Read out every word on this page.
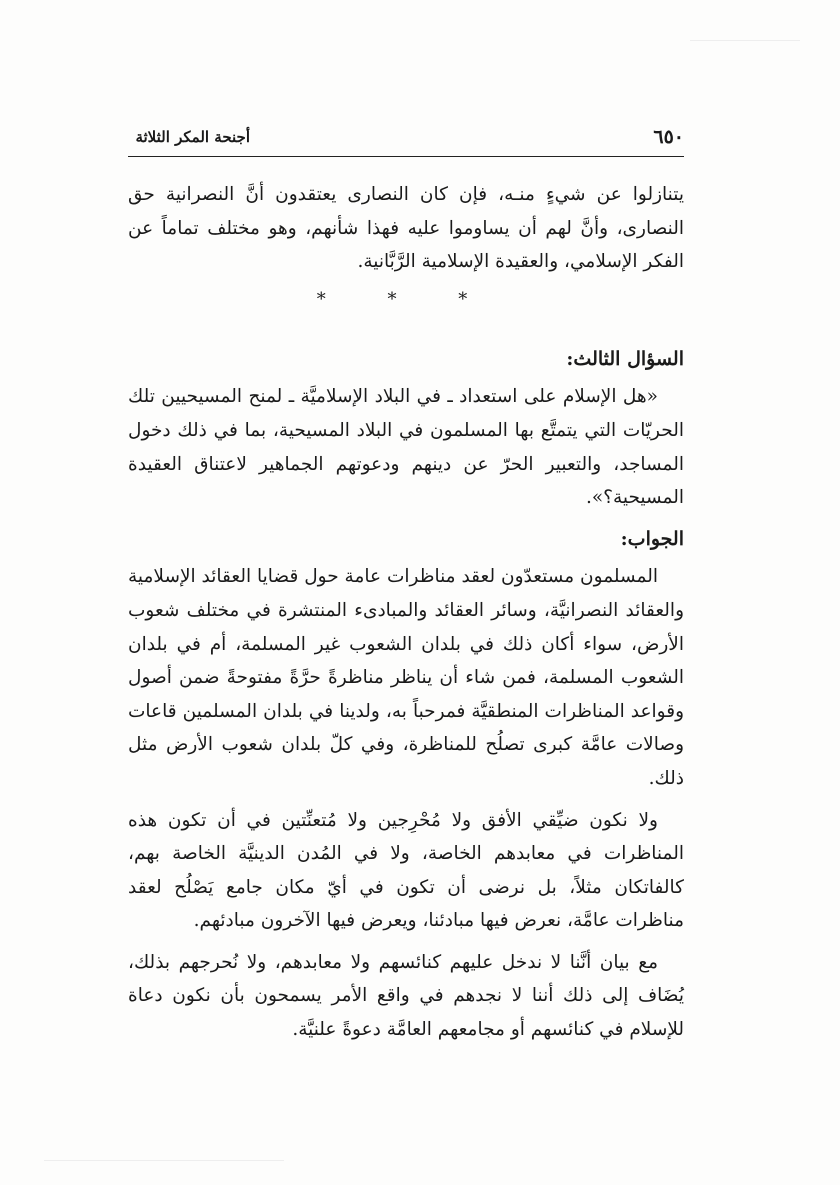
٦٥٠
أجنحة المكر الثلاثة

يتنازلوا عن شيءٍ منـه، فإن كان النصارى يعتقدون أنَّ النصرانية حق النصارى، وأنَّ لهم أن يساوموا عليه فهذا شأنهم، وهو مختلف تماماً عن الفكر الإسلامي، والعقيدة الإسلامية الرَّبَّانية.

* * *

السؤال الثالث:

«هل الإسلام على استعداد ـ في البلاد الإسلاميَّة ـ لمنح المسيحيين تلك الحريّات التي يتمتَّع بها المسلمون في البلاد المسيحية، بما في ذلك دخول المساجد، والتعبير الحرّ عن دينهم ودعوتهم الجماهير لاعتناق العقيدة المسيحية؟».

الجواب:

المسلمون مستعدّون لعقد مناظرات عامة حول قضايا العقائد الإسلامية والعقائد النصرانيَّة، وسائر العقائد والمبادىء المنتشرة في مختلف شعوب الأرض، سواء أكان ذلك في بلدان الشعوب غير المسلمة، أم في بلدان الشعوب المسلمة، فمن شاء أن يناظر مناظرةً حرَّةً مفتوحةً ضمن أصول وقواعد المناظرات المنطقيَّة فمرحباً به، ولدينا في بلدان المسلمين قاعات وصالات عامَّة كبرى تصلُح للمناظرة، وفي كلّ بلدان شعوب الأرض مثل ذلك.

ولا نكون ضيِّقي الأفق ولا مُحْرِجين ولا مُتعنِّتين في أن تكون هذه المناظرات في معابدهم الخاصة، ولا في المُدن الدينيَّة الخاصة بهم، كالفاتكان مثلاً، بل نرضى أن تكون في أيّ مكان جامع يَصْلُح لعقد مناظرات عامَّة، نعرض فيها مبادئنا، ويعرض فيها الآخرون مبادئهم.

مع بيان أنَّنا لا ندخل عليهم كنائسهم ولا معابدهم، ولا نُحرجهم بذلك، يُضَاف إلى ذلك أننا لا نجدهم في واقع الأمر يسمحون بأن نكون دعاة للإسلام في كنائسهم أو مجامعهم العامَّة دعوةً علنيَّة.
